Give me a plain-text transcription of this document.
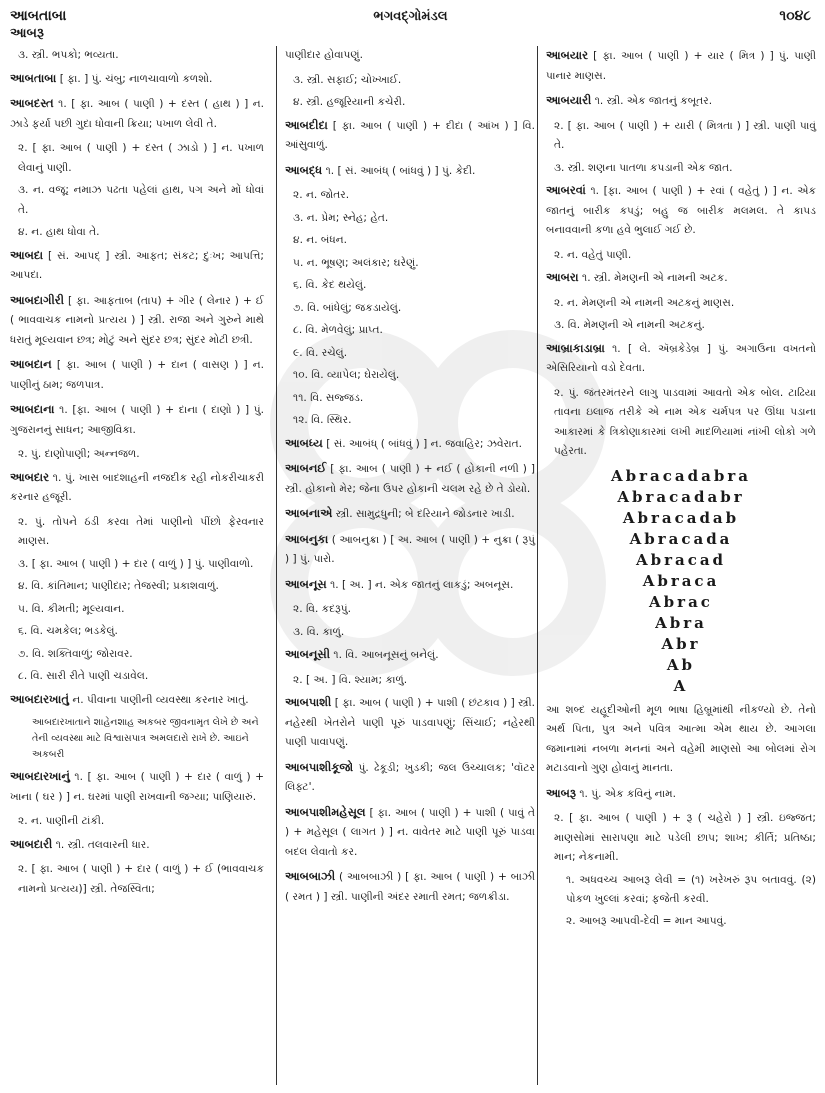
આબતાબા	ભગવદ્ગોમંડલ	૧૦૪૮
આબરૂ
૩. સ્ત્રી. ભપકો; ભવ્યતા.
આબતાબા [ ફા. ] પું. ચંબુ; નાળચાવાળો કળશો.
આબદસ્ત ૧. [ ફા. આબ ( પાણી ) + દસ્ત ( હાથ ) ] ન. ઝાડે ફર્યા પછી ગુદા ધોવાની ક્રિયા; પખાળ લેવી તે.
૨. [ ફા. આબ ( પાણી ) + દસ્ત ( ઝાડો ) ] ન. પખાળ લેવાનું પાણી.
૩. ન. વજૂ; નમાઝ પઢતા પહેલાં હાથ, પગ અને મોં ધોવાં તે.
૪. ન. હાથ ધોવા તે.
આબદા [ સં. આપદ્ ] સ્ત્રી. આફત; સંકટ; દુઃખ; આપત્તિ; આપદા.
આબદાગીરી [ ફા. આફતાબ (તાપ) + ગીર ( લેનાર ) + ઈ ( ભાવવાચક નામનો પ્રત્યય ) ] સ્ત્રી. રાજા અને ગુરુને માથે ધરાતું મૂલ્યવાન છત્ર; મોટું અને સુંદર છત્ર; સુંદર મોટી છત્રી.
આબદાન [ ફા. આબ ( પાણી ) + દાન ( વાસણ ) ] ન. પાણીનું ઠામ; જળપાત્ર.
આબદાના ૧. [ફા. આબ ( પાણી ) + દાના ( દાણો ) ] પું. ગુજરાનનું સાધન; આજીવિકા.
૨. પું. દાણોપાણી; અન્નજળ.
આબદાર ૧. પું. ખાસ બાદશાહની નજદીક રહી નોકરીચાકરી કરનાર હજૂરી.
૨. પું. તોપને ઠંડી કરવા તેમાં પાણીનો પીંછો ફેરવનાર માણસ.
૩. [ ફા. આબ ( પાણી ) + દાર ( વાળું ) ] પું. પાણીવાળો.
૪. વિ. કાંતિમાન; પાણીદાર; તેજસ્વી; પ્રકાશવાળું.
૫. વિ. કીમતી; મૂલ્યવાન.
૬. વિ. ચમકેલ; ભડકેલું.
૭. વિ. શક્તિવાળું; જોરાવર.
૮. વિ. સારી રીતે પાણી ચડાવેલ.
આબદારખાતું ન. પીવાના પાણીની વ્યવસ્થા કરનાર ખાતું.
આબદારખાતાને શાહેનશાહ અકબર જીવનામૃત લેખે છે અને તેની વ્યવસ્થા માટે વિશ્વાસપાત્ર અમલદારો રાખે છે. આઇને અકબરી
આબદારખાનું ૧. [ ફા. આબ ( પાણી ) + દાર ( વાળું ) + ખાના ( ઘર ) ] ન. ઘરમાં પાણી રાખવાની જગ્યા; પાણિયારું.
૨. ન. પાણીની ટાંકી.
આબદારી ૧. સ્ત્રી. તલવારની ધાર.
૨. [ ફા. આબ ( પાણી ) + દાર ( વાળું ) + ઈ (ભાવવાચક નામનો પ્રત્યય)] સ્ત્રી. તેજસ્વિતા;
પાણીદાર હોવાપણું.
૩. સ્ત્રી. સફાઈ; ચોખ્ખાઈ.
૪. સ્ત્રી. હજૂરિયાની કચેરી.
આબદીદા [ ફા. આબ ( પાણી ) + દીદા ( આંખ ) ] વિ. આંસુવાળું.
આબદ્ધ ૧. [ સં. આબંધ્ ( બાંધવું ) ] પું. કેદી.
૨. ન. જોતર.
૩. ન. પ્રેમ; સ્નેહ; હેત.
૪. ન. બંધન.
૫. ન. ભૂષણ; અલંકાર; ઘરેણું.
૬. વિ. કેદ થયેલું.
૭. વિ. બાંધેલું; જકડાયેલું.
૮. વિ. મેળવેલું; પ્રાપ્ત.
૯. વિ. રચેલું.
૧૦. વિ. વ્યાપેલ; ઘેરાયેલું.
૧૧. વિ. સજ્જડ.
૧૨. વિ. સ્થિર.
આબધ્ય [ સં. આબંધ્ ( બાંધવું ) ] ન. જવાહિર; ઝવેરાત.
આબનઈ [ ફા. આબ ( પાણી ) + નઈ ( હોકાની નળી ) ] સ્ત્રી. હોકાનો મેર; જેના ઉપર હોકાની ચલમ રહે છે તે ડોયો.
આબનાએ સ્ત્રી. સામુદ્રધુની; બે દરિયાને જોડનાર ખાડી.
આબનુકા ( આબનુક્રા ) [ અ. આબ ( પાણી ) + નુક્રા ( રૂપું ) ] પું. પારો.
આબનૂસ ૧. [ અ. ] ન. એક જાતનું લાકડું; અબનૂસ.
૨. વિ. કદરૂપું.
૩. વિ. કાળું.
આબનૂસી ૧. વિ. આબનૂસનું બનેલું.
૨. [ અ. ] વિ. શ્યામ; કાળું.
આબપાશી [ ફા. આબ ( પાણી ) + પાશી ( છંટકાવ ) ] સ્ત્રી. નહેરથી ખેતરોને પાણી પૂરું પાડવાપણું; સિંચાઈ; નહેરથી પાણી પાવાપણું.
આબપાશીકૂજો પું. ઢેકૂડી; ખુડકી; જલ ઉચ્ચાલક; 'વૉટર લિફ્ટ'.
આબપાશીમહેસૂલ [ ફા. આબ ( પાણી ) + પાશી ( પાવું તે ) + મહેસૂલ ( લાગત ) ] ન. વાવેતર માટે પાણી પૂરું પાડવા બદલ લેવાતો કર.
આબબાઝી ( આબબાઝી ) [ ફા. આબ ( પાણી ) + બાઝી ( રમત ) ] સ્ત્રી. પાણીની અંદર રમાતી રમત; જળક્રીડા.
આબયાર [ ફા. આબ ( પાણી ) + યાર ( મિત્ર ) ] પું. પાણી પાનાર માણસ.
આબયારી ૧. સ્ત્રી. એક જાતનું કબૂતર.
૨. [ ફા. આબ ( પાણી ) + યારી ( મિત્રતા ) ] સ્ત્રી. પાણી પાવું તે.
૩. સ્ત્રી. શણના પાતળા કપડાની એક જાત.
આબરવાં ૧. [ફા. આબ ( પાણી ) + રવાં ( વહેતું ) ] ન. એક જાતનું બારીક કપડું; બહુ જ બારીક મલમલ. તે કાપડ બનાવવાની કળા હવે ભુલાઈ ગઈ છે.
૨. ન. વહેતું પાણી.
આબરા ૧. સ્ત્રી. મેમણની એ નામની અટક.
૨. ન. મેમણની એ નામની અટકનું માણસ.
૩. વિ. મેમણની એ નામની અટકનું.
આબ્રાકાડાબ્રા ૧. [ લે. ઍબ્રકેડેબ્ર ] પું. અગાઉના વખતનો એસિરિયાનો વડો દેવતા.
૨. પું. જંતરમંતરને લાગુ પાડવામાં આવતો એક બોલ. ટાઢિયા તાવના ઇલાજ તરીકે એ નામ એક ચર્મપત્ર પર ઊંધા પડાના આકારમાં કે ત્રિકોણાકારમાં લખી માદળિયામાં નાંખી લોકો ગળે પહેરતા.
Abracadabra
Abracadabr
Abracadab
Abracada
Abracad
Abraca
Abrac
Abra
Abr
Ab
A
આ શબ્દ યહૂદીઓની મૂળ ભાષા હિબ્રૂમાંથી નીકળ્યો છે. તેનો અર્થ પિતા, પુત્ર અને પવિત્ર આત્મા એમ થાય છે. આગલા જમાનામાં નબળા મનનાં અને વહેમી માણસો આ બોલમાં રોગ મટાડવાનો ગુણ હોવાનું માનતા.
આબરૂ ૧. પું. એક કવિનું નામ.
૨. [ ફા. આબ ( પાણી ) + રૂ ( ચહેરો ) ] સ્ત્રી. ઇજ્જત; માણસોમાં સારાપણા માટે પડેલી છાપ; શાખ; કીર્તિ; પ્રતિષ્ઠા; માન; નેકનામી.
૧. અધવચ્ચ આબરૂ લેવી = (૧) ખરેખરું રૂપ બતાવવું. (૨) પોકળ ખુલ્લાં કરવાં; ફજેતી કરવી.
૨. આબરૂ આપવી-દેવી = માન આપવું.
